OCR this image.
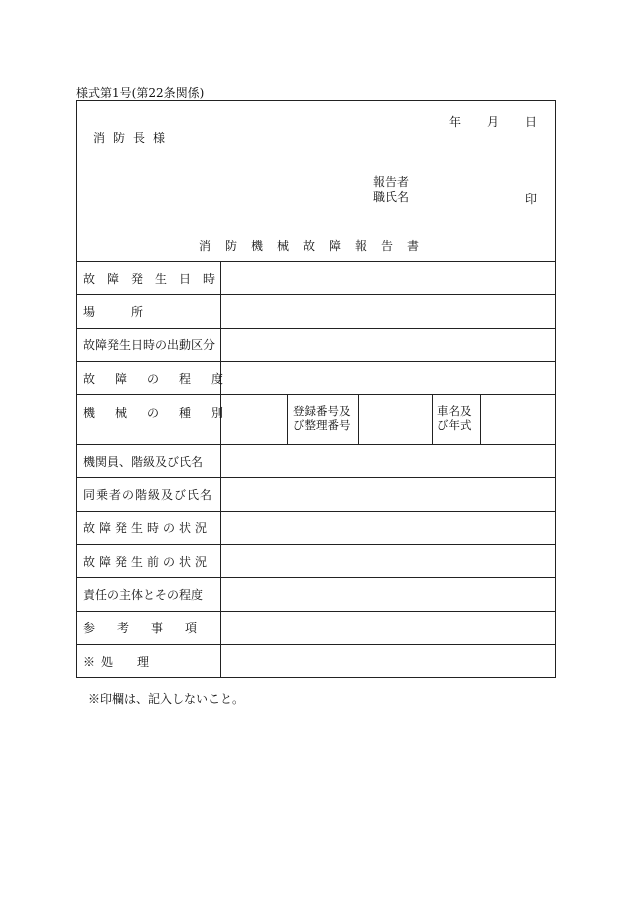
様式第1号(第22条関係)
年 月 日
消防長様
報告者
職氏名	印
消防機械故障報告書
故障発生日時
場所
故障発生日時の出動区分
故障の程度
機械の種別	登録番号及
び整理番号
車名及
び年式
機関員、階級及び氏名
同乗者の階級及び氏名
故障発生時の状況
故障発生前の状況
責任の主体とその程度
参考事項
※処　理
※印欄は、記入しないこと。
